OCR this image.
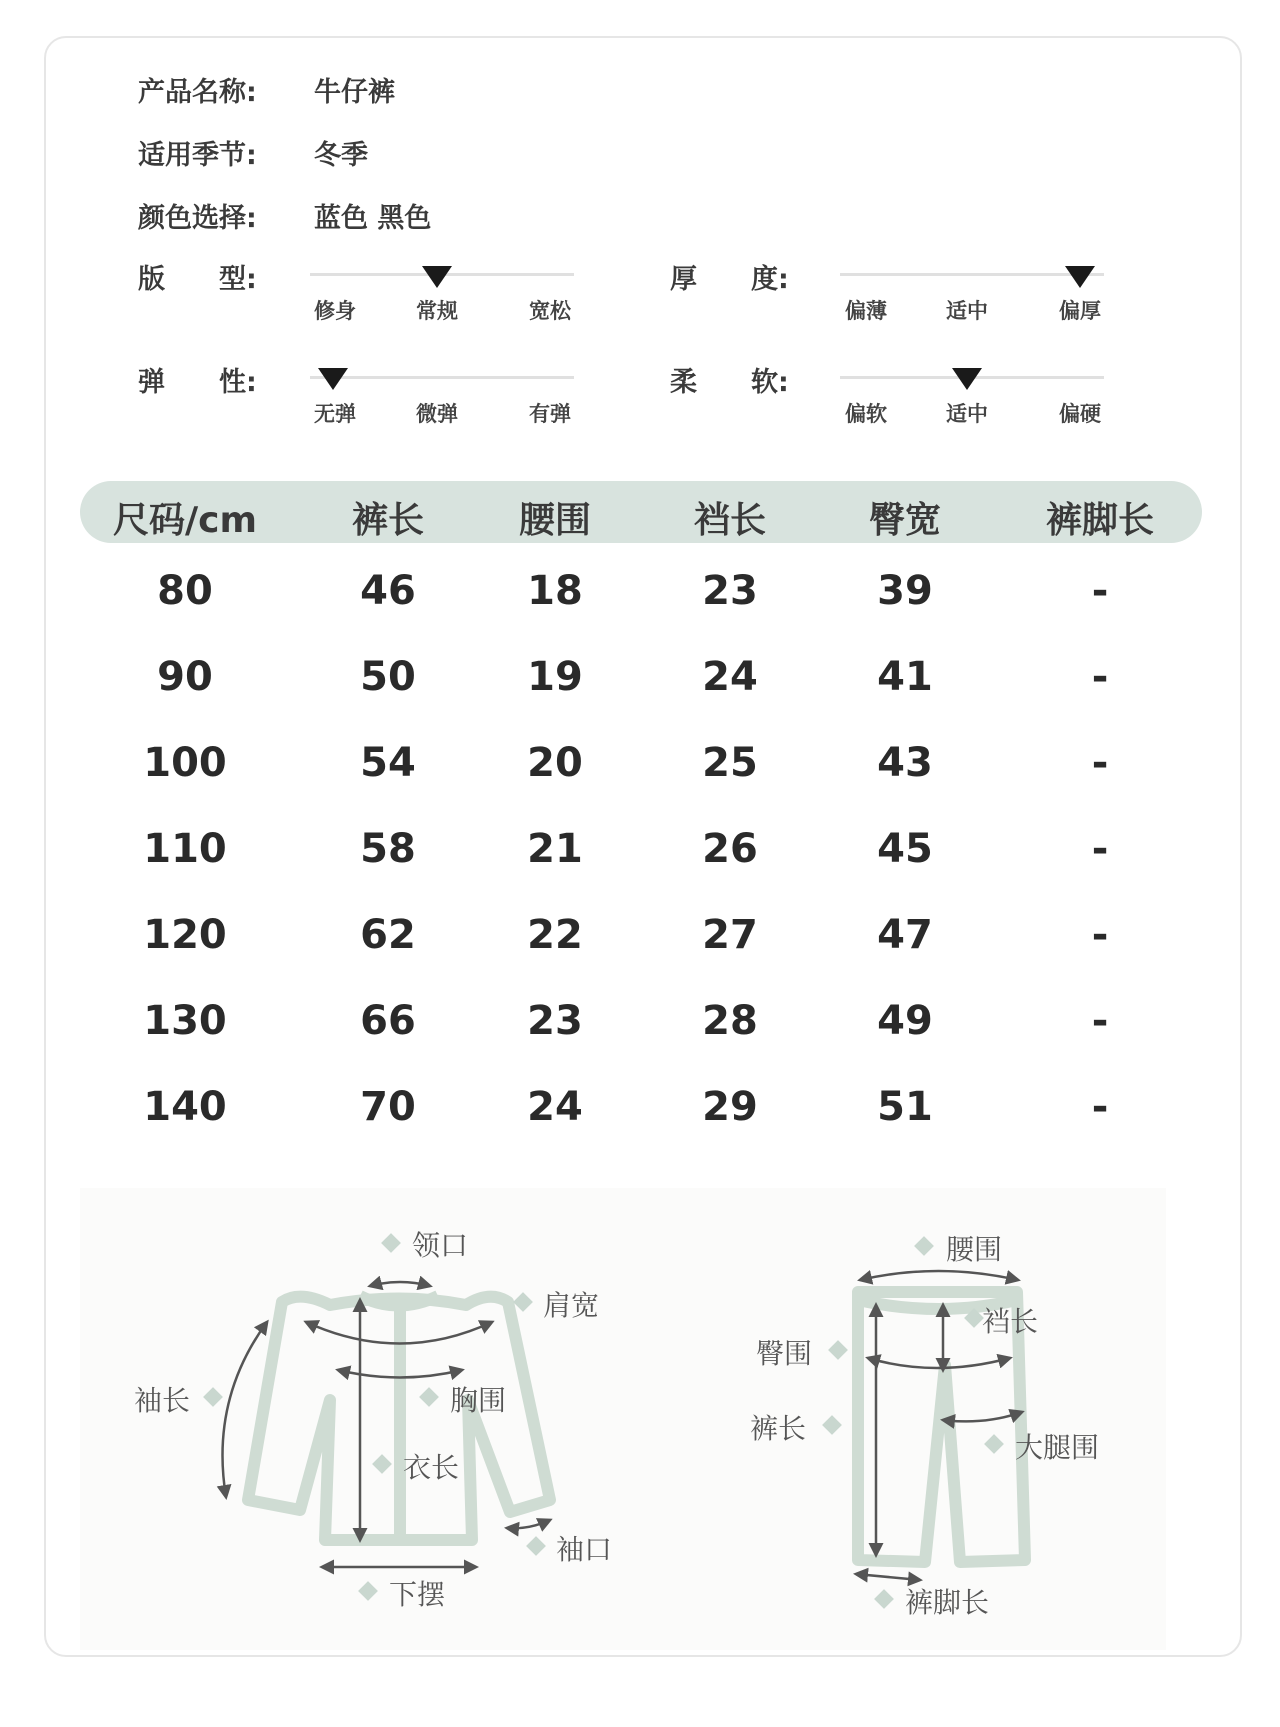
产品名称: 牛仔裤
适用季节: 冬季
颜色选择: 蓝色 黑色
版　　型:
修身	常规	宽松
厚　　度:
偏薄	适中	偏厚
弹　　性:
无弹	微弹	有弹
柔　　软:
偏软	适中	偏硬
尺码/cm	裤长	腰围	裆长	臀宽	裤脚长
80	46	18	23	39	-
90	50	19	24	41	-
100	54	20	25	43	-
110	58	21	26	45	-
120	62	22	27	47	-
130	66	23	28	49	-
140	70	24	29	51	-
领口
肩宽
袖长	胸围
衣长
袖口
下摆
腰围
裆长
臀围
裤长
大腿围
裤脚长
